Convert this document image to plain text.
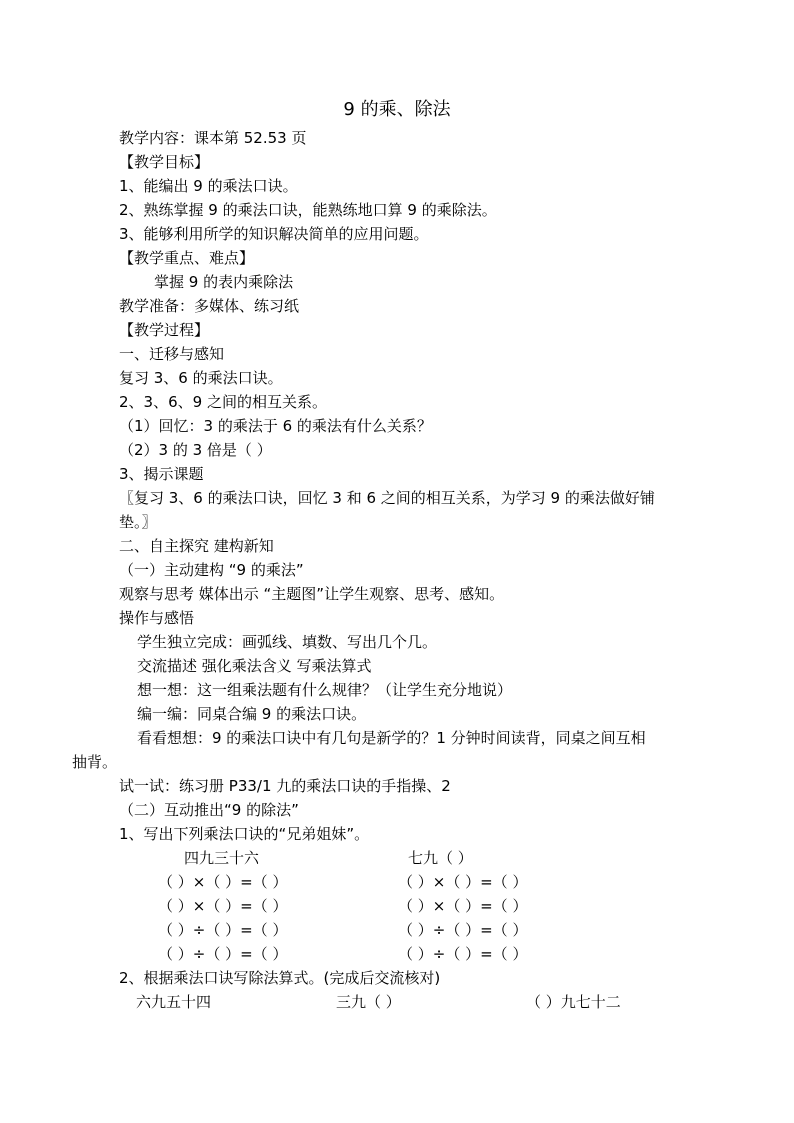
9 的乘、除法
教学内容：课本第 52.53 页
【教学目标】
1、能编出 9 的乘法口诀。
2、熟练掌握 9 的乘法口诀，能熟练地口算 9 的乘除法。
3、能够利用所学的知识解决简单的应用问题。
【教学重点、难点】
掌握 9 的表内乘除法
教学准备：多媒体、练习纸
【教学过程】
一、迁移与感知
复习 3、6 的乘法口诀。
2、3、6、9 之间的相互关系。
（1）回忆：3 的乘法于 6 的乘法有什么关系？
（2）3 的 3 倍是（ ）
3、揭示课题
〖复习 3、6 的乘法口诀，回忆 3 和 6 之间的相互关系，为学习 9 的乘法做好铺
垫。〗
二、自主探究 建构新知
（一）主动建构 “9 的乘法”
观察与思考 媒体出示 “主题图”让学生观察、思考、感知。
操作与感悟
学生独立完成：画弧线、填数、写出几个几。
交流描述 强化乘法含义 写乘法算式
想一想：这一组乘法题有什么规律？（让学生充分地说）
编一编：同桌合编 9 的乘法口诀。
看看想想：9 的乘法口诀中有几句是新学的？1 分钟时间读背，同桌之间互相
抽背。
试一试：练习册 P33/1 九的乘法口诀的手指操、2
（二）互动推出“9 的除法”
1、写出下列乘法口诀的“兄弟姐妹”。
四九三十六	七九（ ）
（ ）×（ ）=（ ）	（ ）×（ ）=（ ）
（ ）×（ ）=（ ）	（ ）×（ ）=（ ）
（ ）÷（ ）=（ ）	（ ）÷（ ）=（ ）
（ ）÷（ ）=（ ）	（ ）÷（ ）=（ ）
2、根据乘法口诀写除法算式。(完成后交流核对)
六九五十四	三九（ ）	（ ）九七十二
